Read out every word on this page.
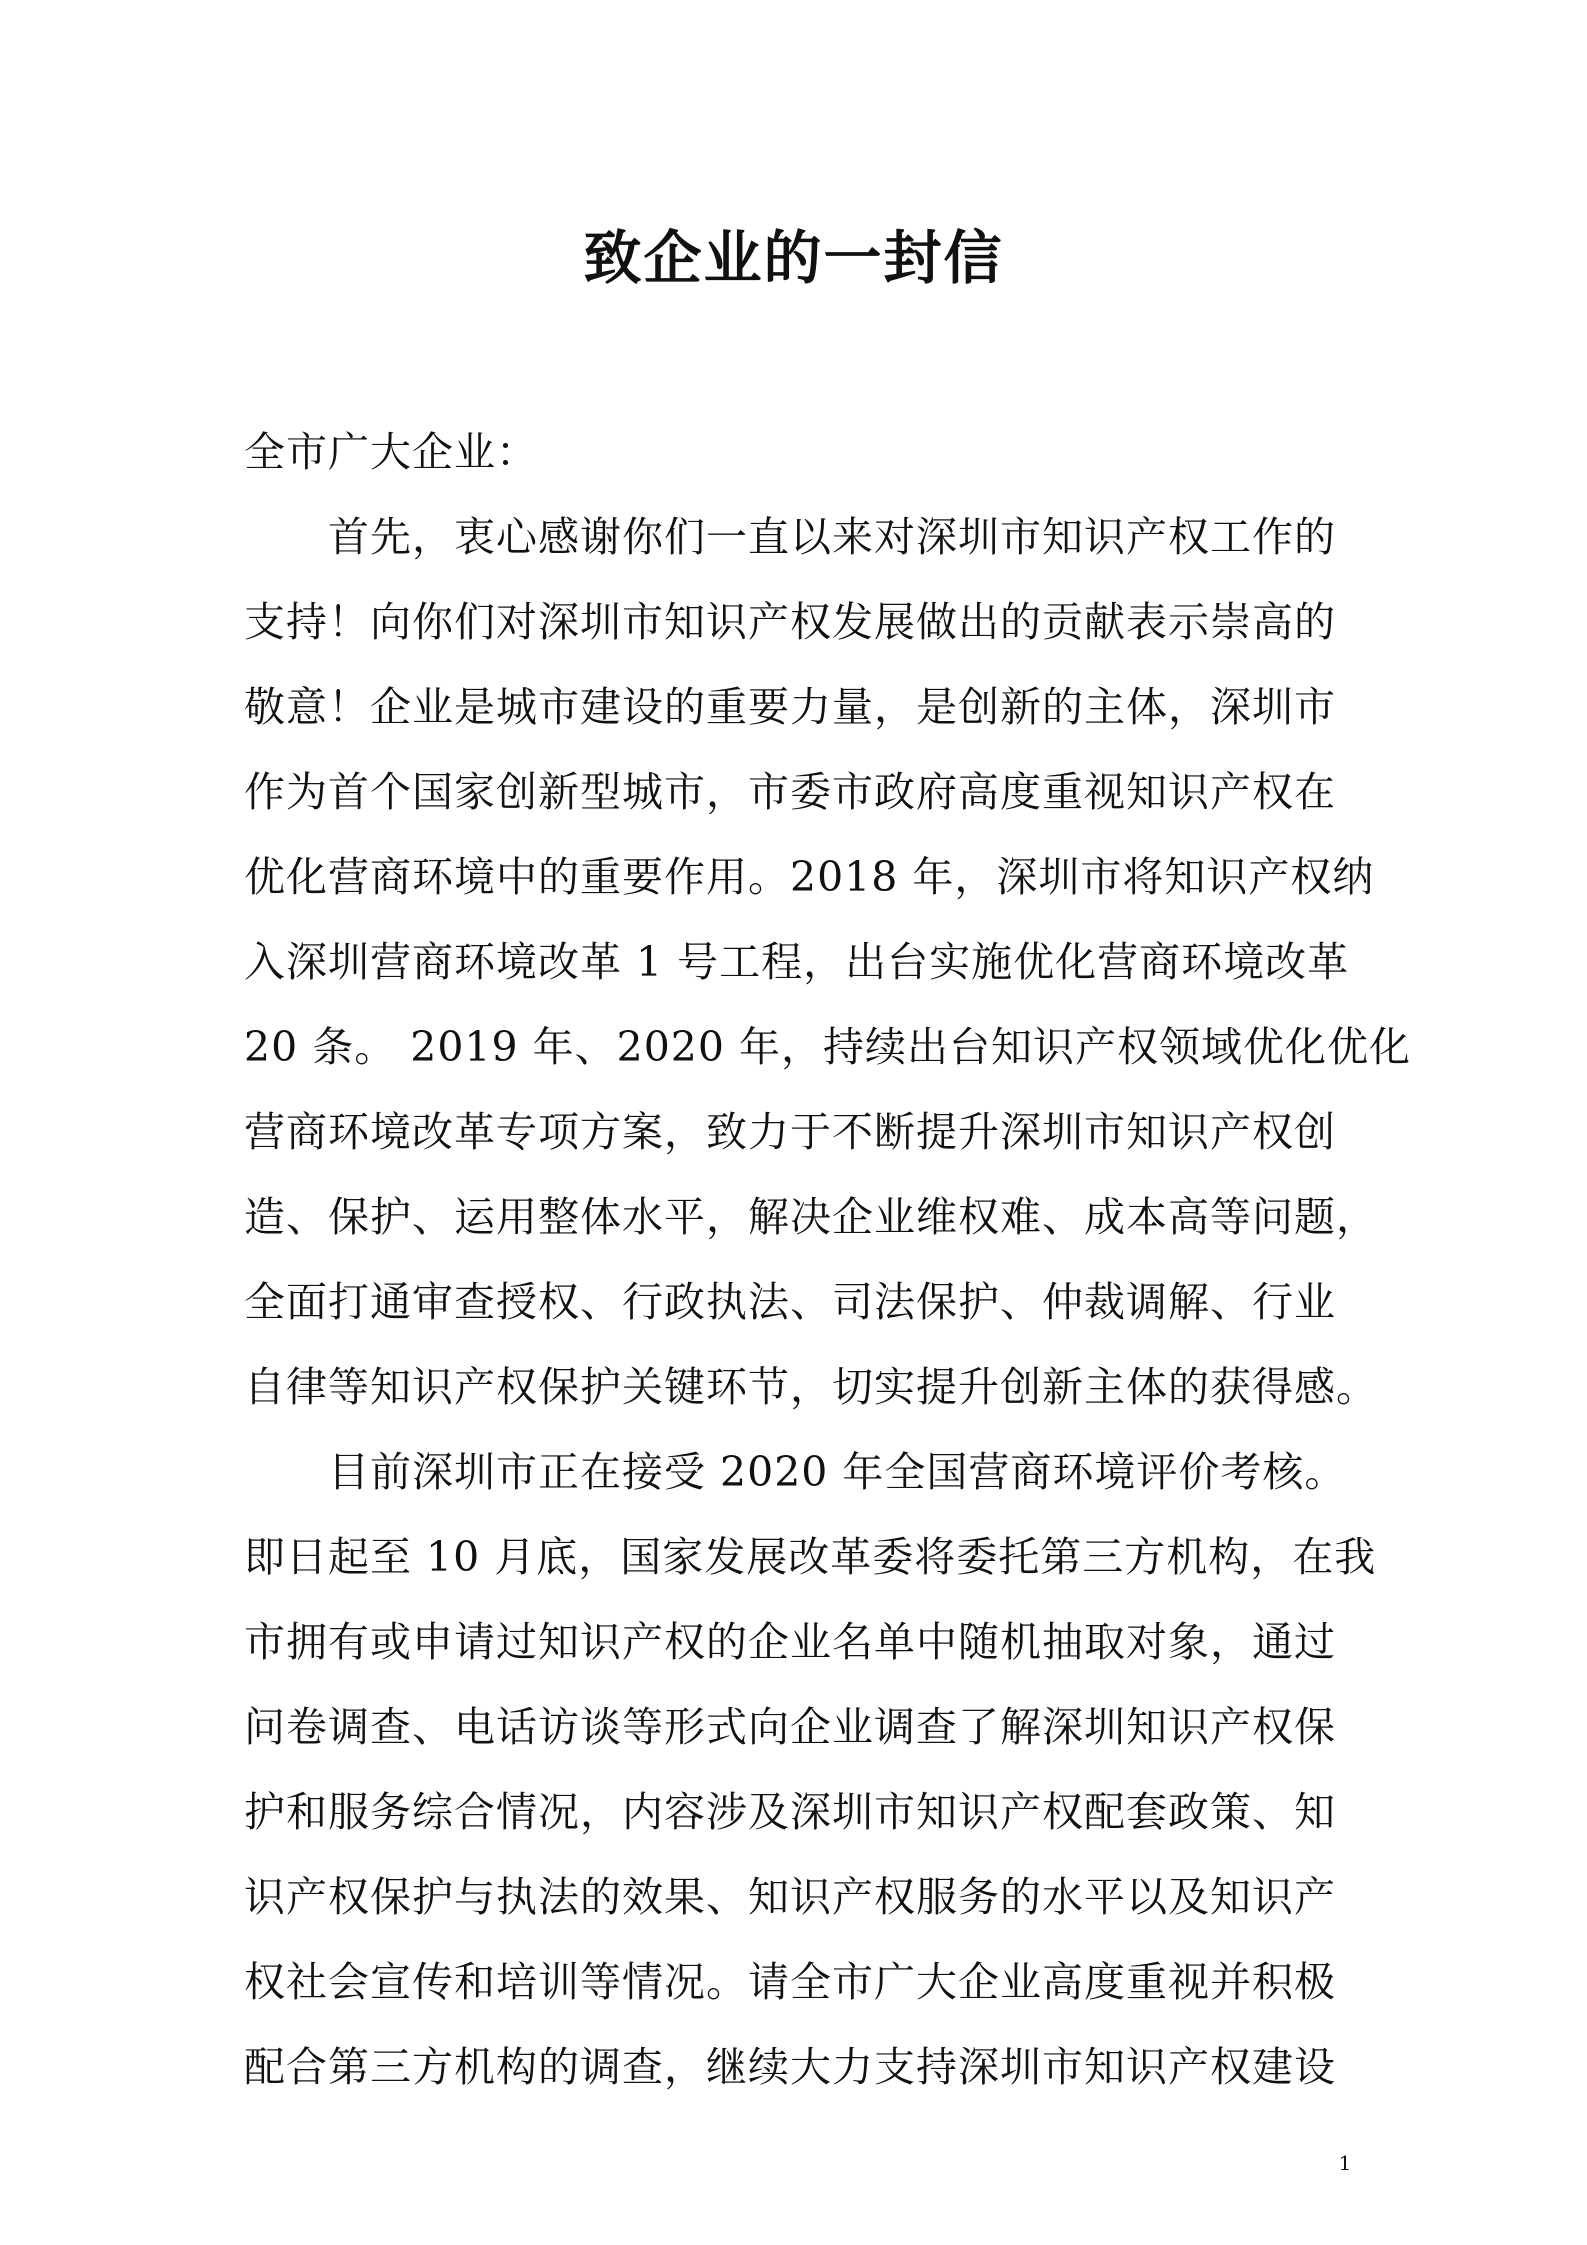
致企业的一封信

全市广大企业：

首先，衷心感谢你们一直以来对深圳市知识产权工作的

支持！向你们对深圳市知识产权发展做出的贡献表示崇高的

敬意！企业是城市建设的重要力量，是创新的主体，深圳市

作为首个国家创新型城市，市委市政府高度重视知识产权在

优化营商环境中的重要作用。2018 年，深圳市将知识产权纳

入深圳营商环境改革 1 号工程，出台实施优化营商环境改革

20 条。 2019 年、2020 年，持续出台知识产权领域优化优化

营商环境改革专项方案，致力于不断提升深圳市知识产权创

造、保护、运用整体水平，解决企业维权难、成本高等问题，

全面打通审查授权、行政执法、司法保护、仲裁调解、行业

自律等知识产权保护关键环节，切实提升创新主体的获得感。

目前深圳市正在接受 2020 年全国营商环境评价考核。

即日起至 10 月底，国家发展改革委将委托第三方机构，在我

市拥有或申请过知识产权的企业名单中随机抽取对象，通过

问卷调查、电话访谈等形式向企业调查了解深圳知识产权保

护和服务综合情况，内容涉及深圳市知识产权配套政策、知

识产权保护与执法的效果、知识产权服务的水平以及知识产

权社会宣传和培训等情况。请全市广大企业高度重视并积极

配合第三方机构的调查，继续大力支持深圳市知识产权建设

1
